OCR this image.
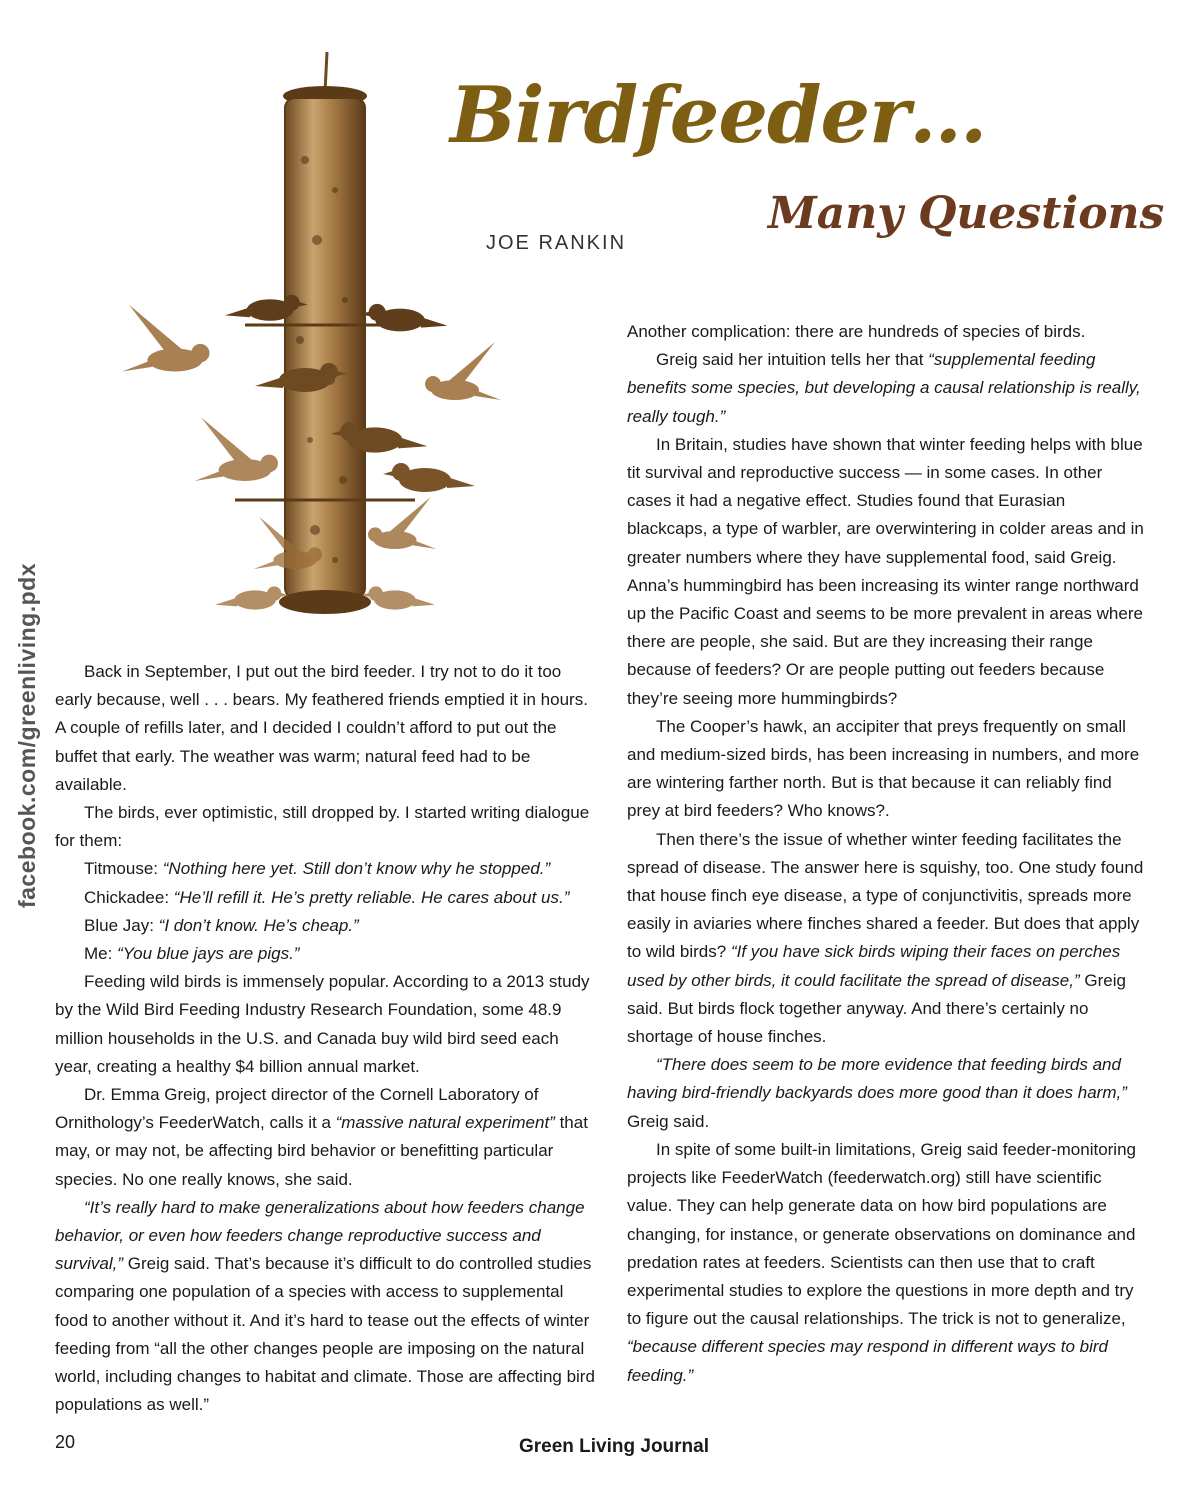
facebook.com/greenliving.pdx
Birdfeeder…
Many Questions
JOE RANKIN

Back in September, I put out the bird feeder. I try not to do it too early because, well . . . bears. My feathered friends emptied it in hours. A couple of refills later, and I decided I couldn’t afford to put out the buffet that early. The weather was warm; natural feed had to be available.

The birds, ever optimistic, still dropped by. I started writing dialogue for them:

Titmouse: “Nothing here yet. Still don’t know why he stopped.”

Chickadee: “He’ll refill it. He’s pretty reliable. He cares about us.”

Blue Jay: “I don’t know. He’s cheap.”

Me: “You blue jays are pigs.”

Feeding wild birds is immensely popular. According to a 2013 study by the Wild Bird Feeding Industry Research Foundation, some 48.9 million households in the U.S. and Canada buy wild bird seed each year, creating a healthy $4 billion annual market.

Dr. Emma Greig, project director of the Cornell Laboratory of Ornithology’s FeederWatch, calls it a “massive natural experiment” that may, or may not, be affecting bird behavior or benefitting particular species. No one really knows, she said.

“It’s really hard to make generalizations about how feeders change behavior, or even how feeders change reproductive success and survival,” Greig said. That’s because it’s difficult to do controlled studies comparing one population of a species with access to supplemental food to another without it. And it’s hard to tease out the effects of winter feeding from “all the other changes people are imposing on the natural world, including changes to habitat and climate. Those are affecting bird populations as well.”

Another complication: there are hundreds of species of birds.

Greig said her intuition tells her that “supplemental feeding benefits some species, but developing a causal relationship is really, really tough.”

In Britain, studies have shown that winter feeding helps with blue tit survival and reproductive success — in some cases. In other cases it had a negative effect. Studies found that Eurasian blackcaps, a type of warbler, are overwintering in colder areas and in greater numbers where they have supplemental food, said Greig. Anna’s hummingbird has been increasing its winter range northward up the Pacific Coast and seems to be more prevalent in areas where there are people, she said. But are they increasing their range because of feeders? Or are people putting out feeders because they’re seeing more hummingbirds?

The Cooper’s hawk, an accipiter that preys frequently on small and medium-sized birds, has been increasing in numbers, and more are wintering farther north. But is that because it can reliably find prey at bird feeders? Who knows?.

Then there’s the issue of whether winter feeding facilitates the spread of disease. The answer here is squishy, too. One study found that house finch eye disease, a type of conjunctivitis, spreads more easily in aviaries where finches shared a feeder. But does that apply to wild birds? “If you have sick birds wiping their faces on perches used by other birds, it could facilitate the spread of disease,” Greig said. But birds flock together anyway. And there’s certainly no shortage of house finches.

“There does seem to be more evidence that feeding birds and having bird-friendly backyards does more good than it does harm,” Greig said.

In spite of some built-in limitations, Greig said feeder-monitoring projects like FeederWatch (feederwatch.org) still have scientific value. They can help generate data on how bird populations are changing, for instance, or generate observations on dominance and predation rates at feeders. Scientists can then use that to craft experimental studies to explore the questions in more depth and try to figure out the causal relationships. The trick is not to generalize, “because different species may respond in different ways to bird feeding.”

20	Green Living Journal
